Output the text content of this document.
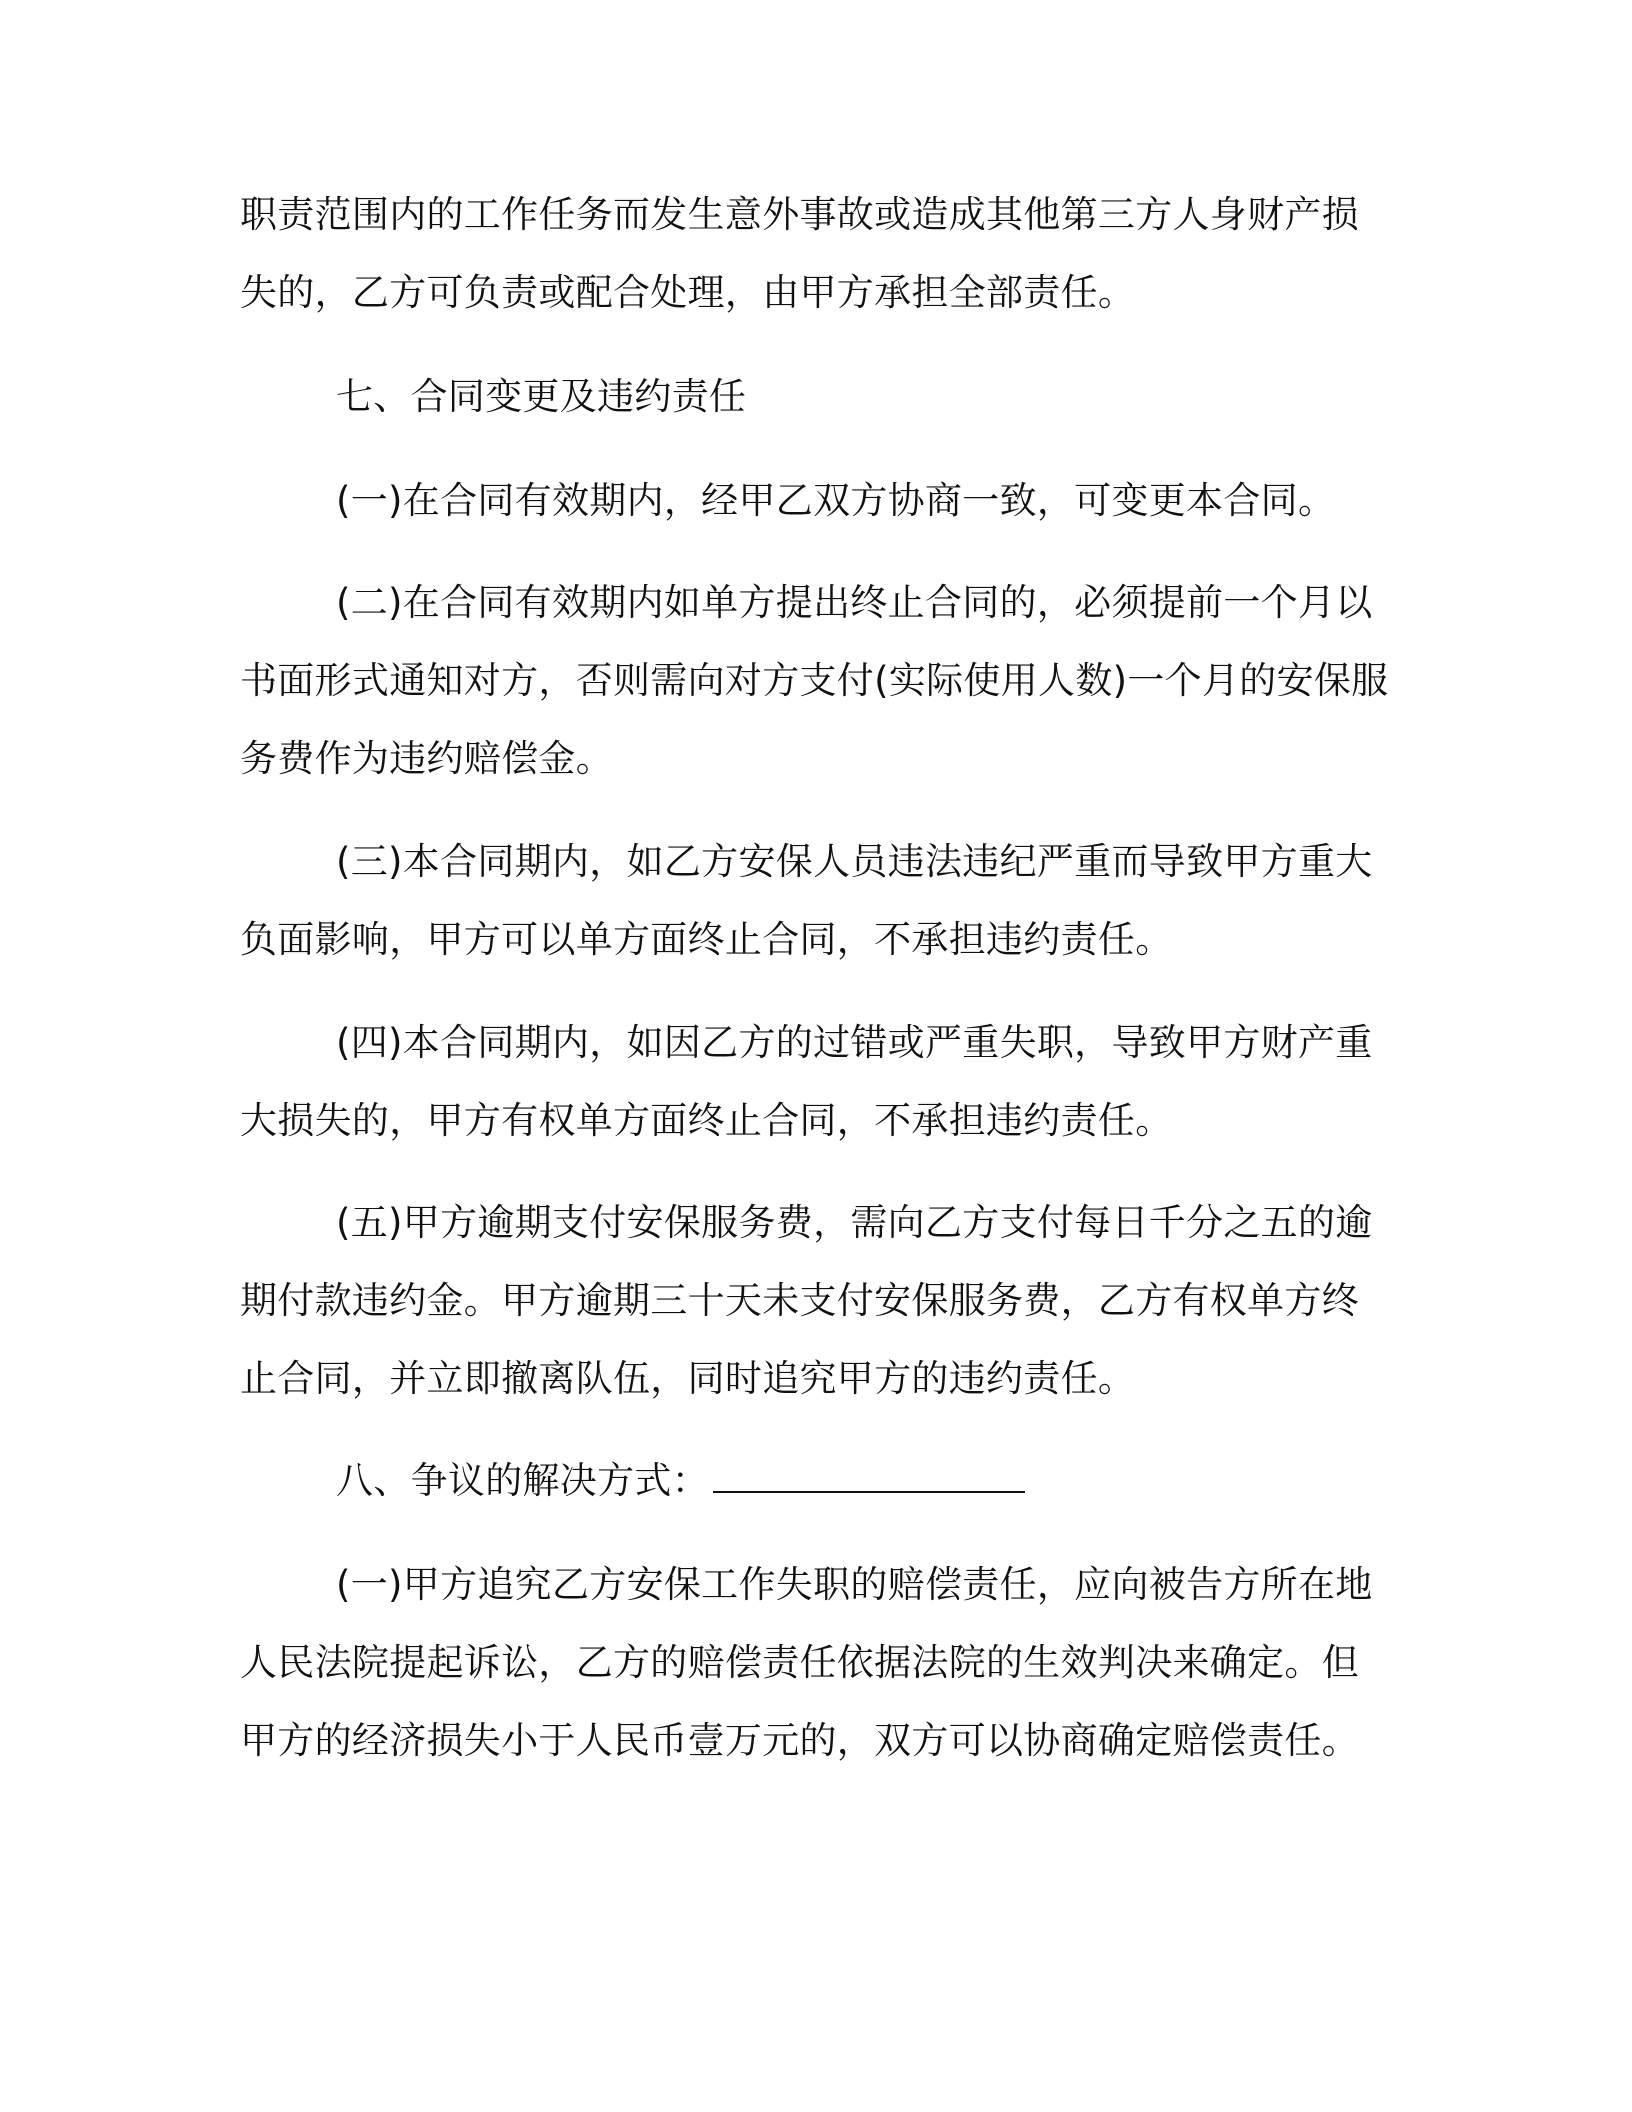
职责范围内的工作任务而发生意外事故或造成其他第三方人身财产损
失的，乙方可负责或配合处理，由甲方承担全部责任。
七、合同变更及违约责任
(一)在合同有效期内，经甲乙双方协商一致，可变更本合同。
(二)在合同有效期内如单方提出终止合同的，必须提前一个月以
书面形式通知对方，否则需向对方支付(实际使用人数)一个月的安保服
务费作为违约赔偿金。
(三)本合同期内，如乙方安保人员违法违纪严重而导致甲方重大
负面影响，甲方可以单方面终止合同，不承担违约责任。
(四)本合同期内，如因乙方的过错或严重失职，导致甲方财产重
大损失的，甲方有权单方面终止合同，不承担违约责任。
(五)甲方逾期支付安保服务费，需向乙方支付每日千分之五的逾
期付款违约金。甲方逾期三十天未支付安保服务费，乙方有权单方终
止合同，并立即撤离队伍，同时追究甲方的违约责任。
八、争议的解决方式：
(一)甲方追究乙方安保工作失职的赔偿责任，应向被告方所在地
人民法院提起诉讼，乙方的赔偿责任依据法院的生效判决来确定。但
甲方的经济损失小于人民币壹万元的，双方可以协商确定赔偿责任。
